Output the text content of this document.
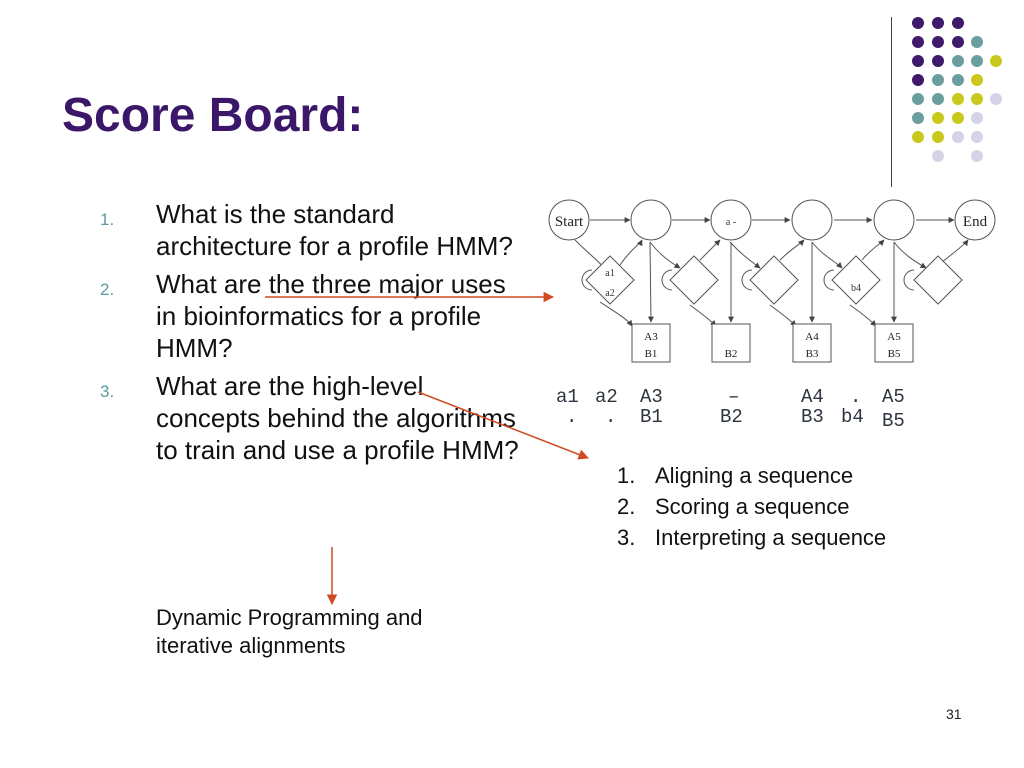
Score Board:
1. What is the standard architecture for a profile HMM?
2. What are the three major uses in bioinformatics for a profile HMM?
3. What are the high-level concepts behind the algorithms to train and use a profile HMM?
Dynamic Programming and
iterative alignments
1. Aligning a sequence
2. Scoring a sequence
3. Interpreting a sequence
Start	a -	End
a1
a2	b4
A3
B1	B2
A4
B3
A5
B5
a1 a2 A3	–	A4 . A5
. . B1	B2	B3 b4 B5
31
